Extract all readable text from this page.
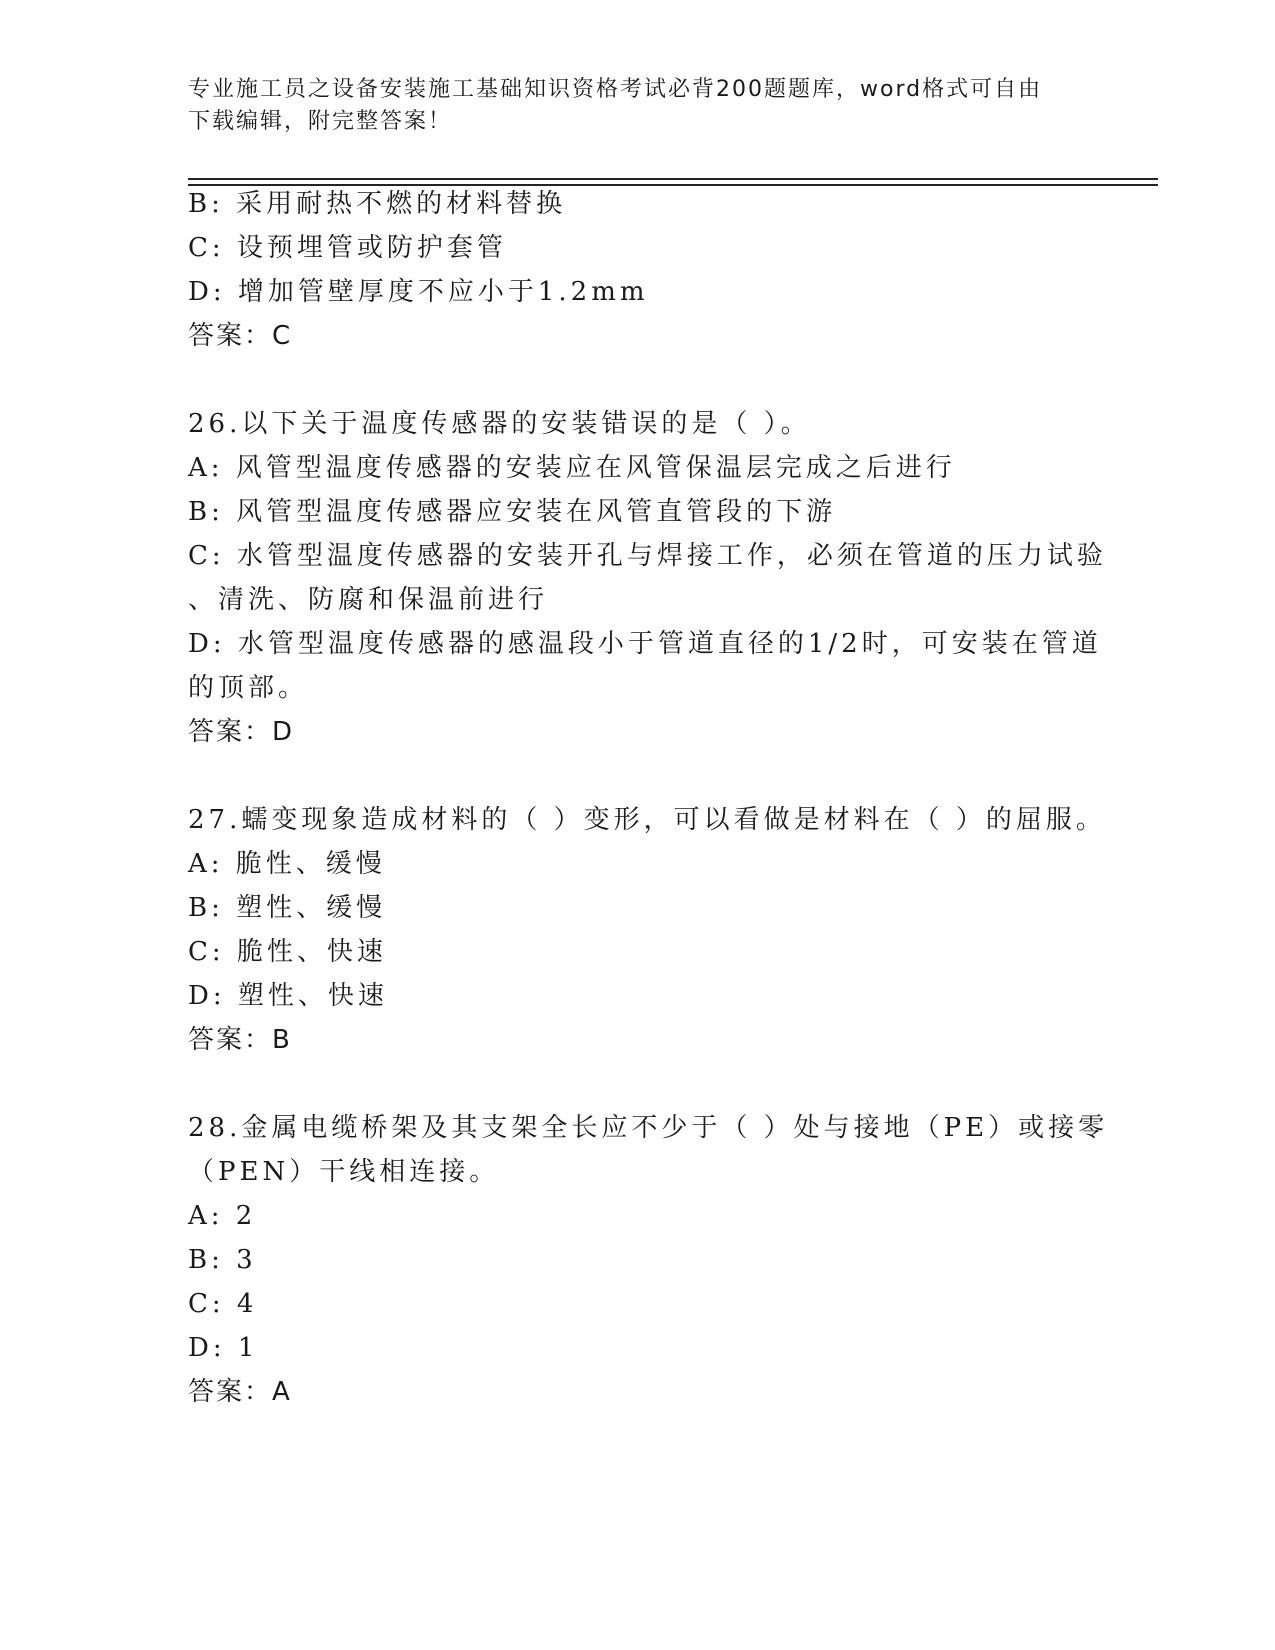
专业施工员之设备安装施工基础知识资格考试必背200题题库，word格式可自由
下载编辑，附完整答案！

B: 采用耐热不燃的材料替换

C: 设预埋管或防护套管

D: 增加管壁厚度不应小于1.2mm

答案：C

26.以下关于温度传感器的安装错误的是（ ）。

A: 风管型温度传感器的安装应在风管保温层完成之后进行

B: 风管型温度传感器应安装在风管直管段的下游

C: 水管型温度传感器的安装开孔与焊接工作，必须在管道的压力试验

、清洗、防腐和保温前进行

D: 水管型温度传感器的感温段小于管道直径的1/2时，可安装在管道

的顶部。

答案：D

27.蠕变现象造成材料的（ ）变形，可以看做是材料在（ ）的屈服。

A: 脆性、缓慢

B: 塑性、缓慢

C: 脆性、快速

D: 塑性、快速

答案：B

28.金属电缆桥架及其支架全长应不少于（ ）处与接地（PE）或接零

（PEN）干线相连接。

A: 2

B: 3

C: 4

D: 1

答案：A
